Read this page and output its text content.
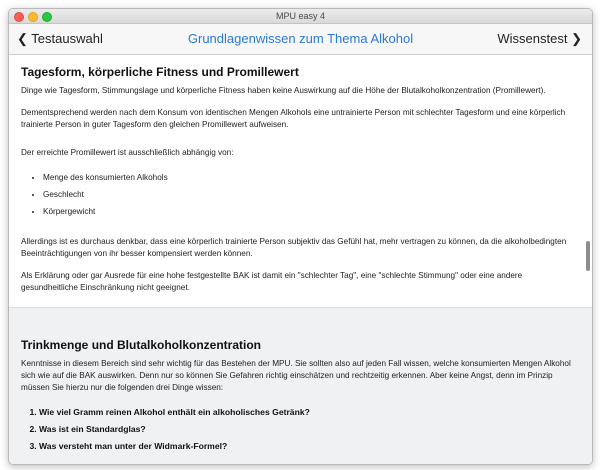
MPU easy 4
❮ Testauswahl	Grundlagenwissen zum Thema Alkohol	Wissenstest ❯
Tagesform, körperliche Fitness und Promillewert

Dinge wie Tagesform, Stimmungslage und körperliche Fitness haben keine Auswirkung auf die Höhe der Blutalkoholkonzentration (Promillewert).

Dementsprechend werden nach dem Konsum von identischen Mengen Alkohols eine untrainierte Person mit schlechter Tagesform und eine körperlich trainierte Person in guter Tagesform den gleichen Promillewert aufweisen.

Der erreichte Promillewert ist ausschließlich abhängig von:

• Menge des konsumierten Alkohols
• Geschlecht
• Körpergewicht

Allerdings ist es durchaus denkbar, dass eine körperlich trainierte Person subjektiv das Gefühl hat, mehr vertragen zu können, da die alkoholbedingten Beeinträchtigungen von ihr besser kompensiert werden können.

Als Erklärung oder gar Ausrede für eine hohe festgestellte BAK ist damit ein "schlechter Tag", eine "schlechte Stimmung" oder eine andere gesundheitliche Einschränkung nicht geeignet.

Trinkmenge und Blutalkoholkonzentration

Kenntnisse in diesem Bereich sind sehr wichtig für das Bestehen der MPU. Sie sollten also auf jeden Fall wissen, welche konsumierten Mengen Alkohol sich wie auf die BAK auswirken. Denn nur so können Sie Gefahren richtig einschätzen und rechtzeitig erkennen. Aber keine Angst, denn im Prinzip müssen Sie hierzu nur die folgenden drei Dinge wissen:

1. Wie viel Gramm reinen Alkohol enthält ein alkoholisches Getränk?
2. Was ist ein Standardglas?
3. Was versteht man unter der Widmark-Formel?
